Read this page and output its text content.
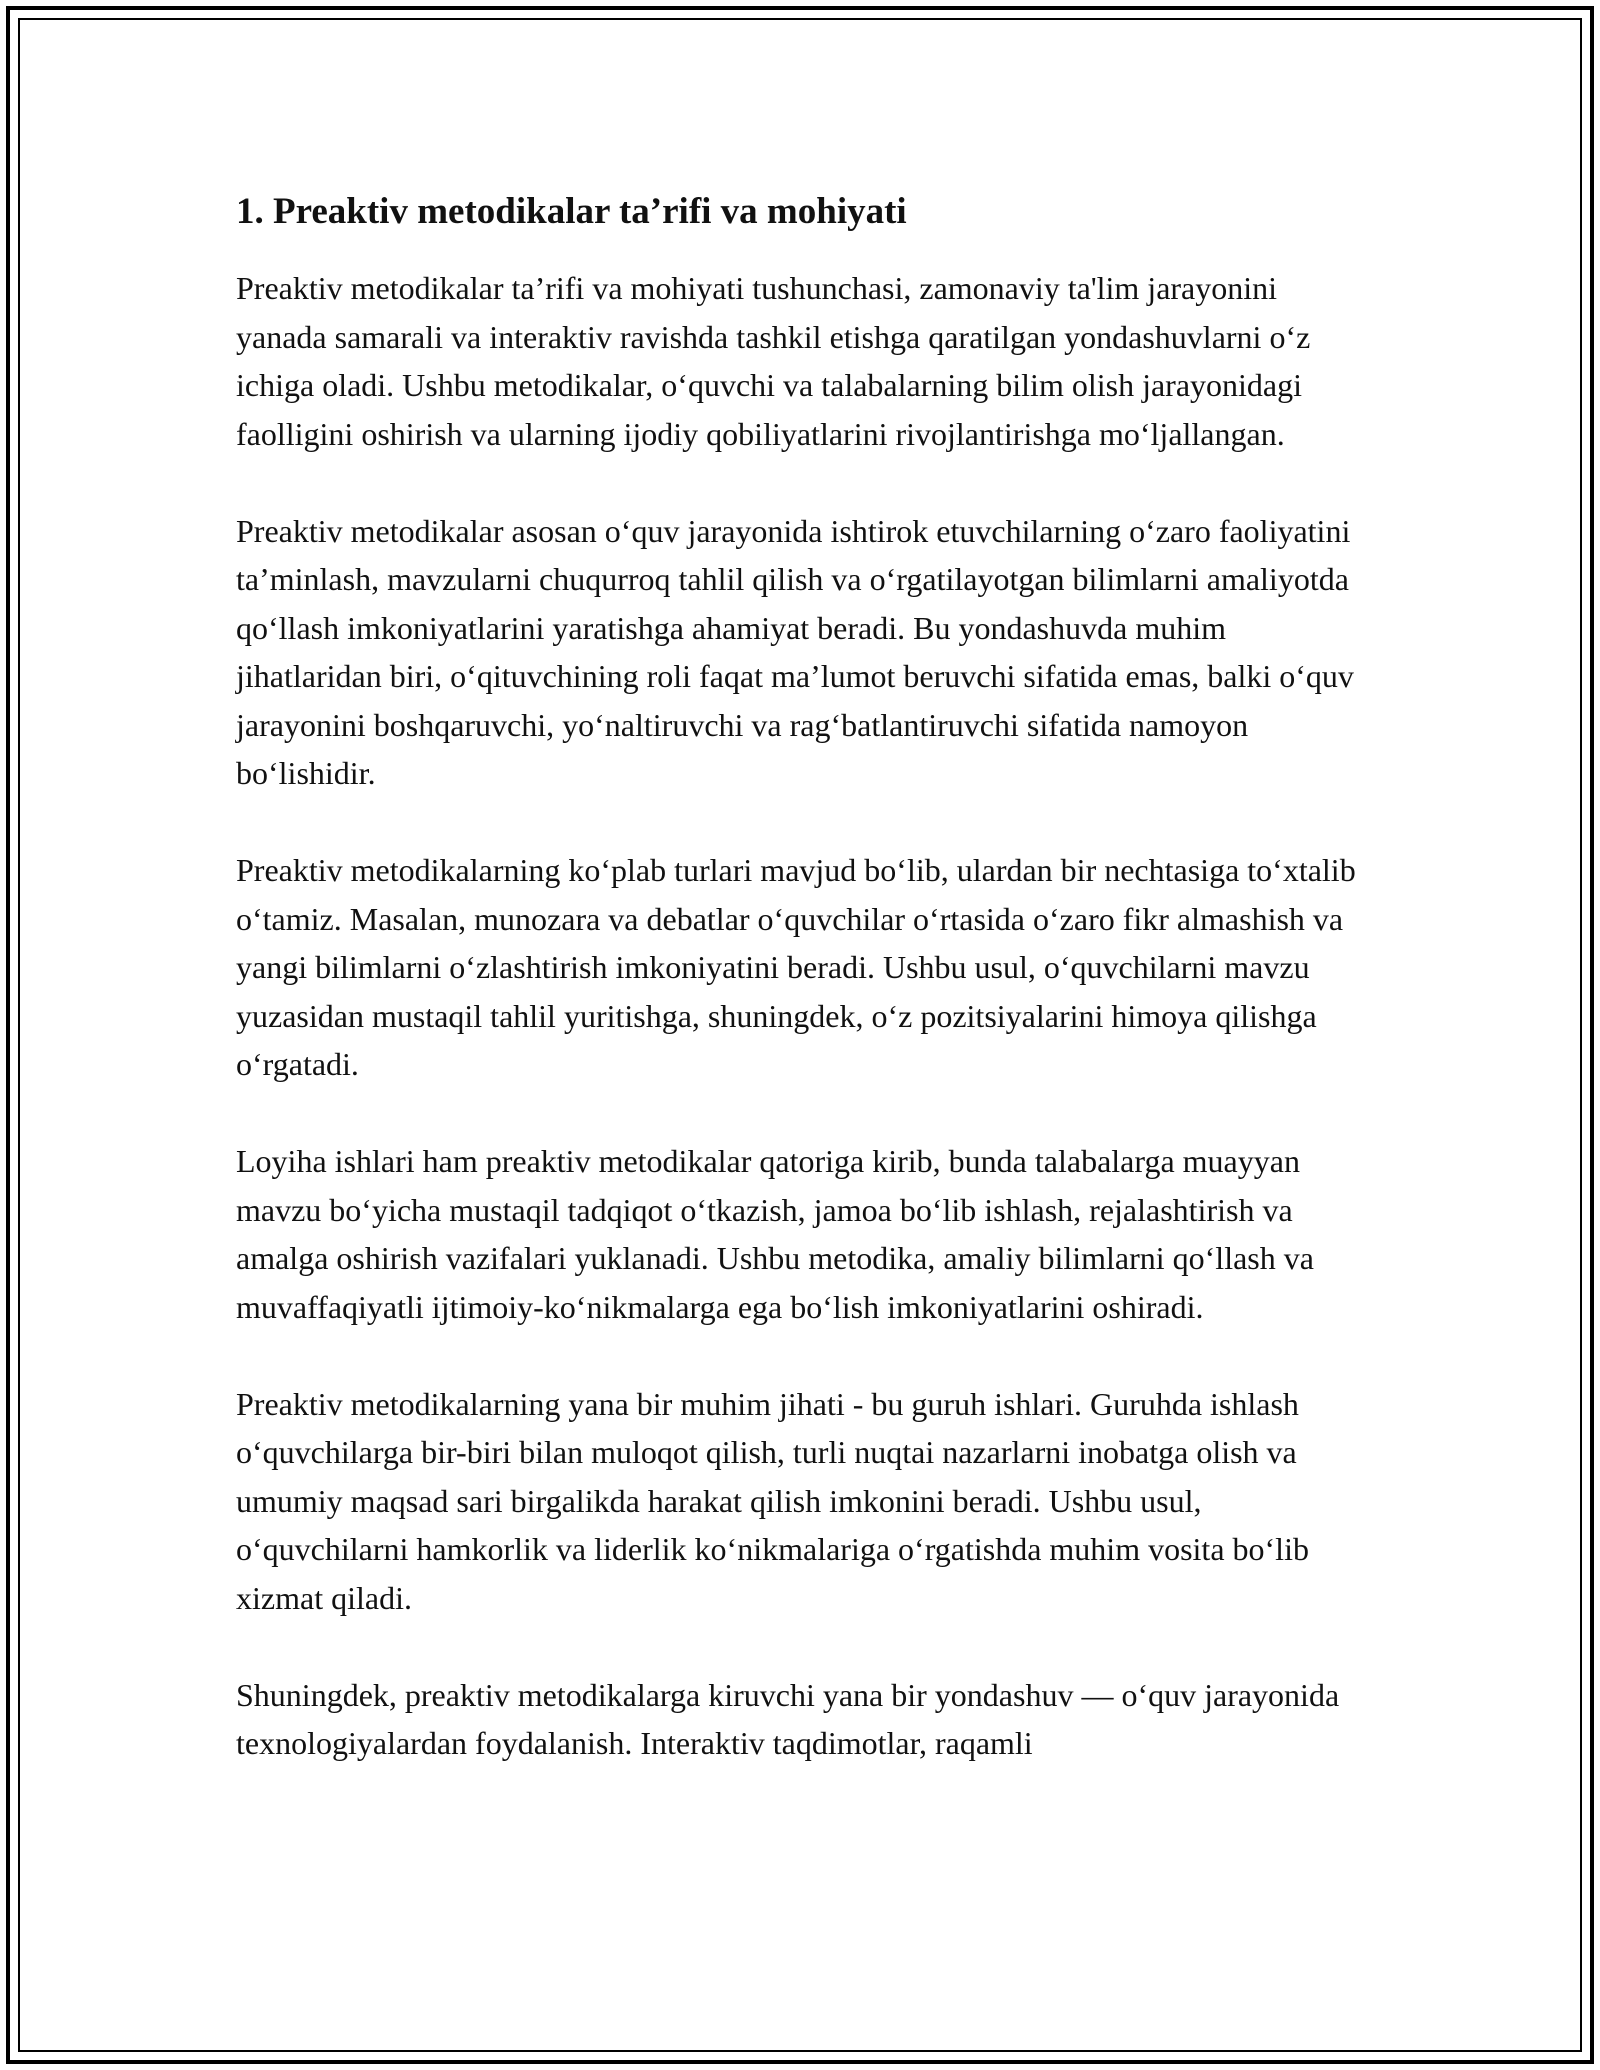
1. Preaktiv metodikalar ta’rifi va mohiyati

Preaktiv metodikalar ta’rifi va mohiyati tushunchasi, zamonaviy ta'lim jarayonini yanada samarali va interaktiv ravishda tashkil etishga qaratilgan yondashuvlarni o‘z ichiga oladi. Ushbu metodikalar, o‘quvchi va talabalarning bilim olish jarayonidagi faolligini oshirish va ularning ijodiy qobiliyatlarini rivojlantirishga mo‘ljallangan.

Preaktiv metodikalar asosan o‘quv jarayonida ishtirok etuvchilarning o‘zaro faoliyatini ta’minlash, mavzularni chuqurroq tahlil qilish va o‘rgatilayotgan bilimlarni amaliyotda qo‘llash imkoniyatlarini yaratishga ahamiyat beradi. Bu yondashuvda muhim jihatlaridan biri, o‘qituvchining roli faqat ma’lumot beruvchi sifatida emas, balki o‘quv jarayonini boshqaruvchi, yo‘naltiruvchi va rag‘batlantiruvchi sifatida namoyon bo‘lishidir.

Preaktiv metodikalarning ko‘plab turlari mavjud bo‘lib, ulardan bir nechtasiga to‘xtalib o‘tamiz. Masalan, munozara va debatlar o‘quvchilar o‘rtasida o‘zaro fikr almashish va yangi bilimlarni o‘zlashtirish imkoniyatini beradi. Ushbu usul, o‘quvchilarni mavzu yuzasidan mustaqil tahlil yuritishga, shuningdek, o‘z pozitsiyalarini himoya qilishga o‘rgatadi.

Loyiha ishlari ham preaktiv metodikalar qatoriga kirib, bunda talabalarga muayyan mavzu bo‘yicha mustaqil tadqiqot o‘tkazish, jamoa bo‘lib ishlash, rejalashtirish va amalga oshirish vazifalari yuklanadi. Ushbu metodika, amaliy bilimlarni qo‘llash va muvaffaqiyatli ijtimoiy-ko‘nikmalarga ega bo‘lish imkoniyatlarini oshiradi.

Preaktiv metodikalarning yana bir muhim jihati - bu guruh ishlari. Guruhda ishlash o‘quvchilarga bir-biri bilan muloqot qilish, turli nuqtai nazarlarni inobatga olish va umumiy maqsad sari birgalikda harakat qilish imkonini beradi. Ushbu usul, o‘quvchilarni hamkorlik va liderlik ko‘nikmalariga o‘rgatishda muhim vosita bo‘lib xizmat qiladi.

Shuningdek, preaktiv metodikalarga kiruvchi yana bir yondashuv — o‘quv jarayonida texnologiyalardan foydalanish. Interaktiv taqdimotlar, raqamli
